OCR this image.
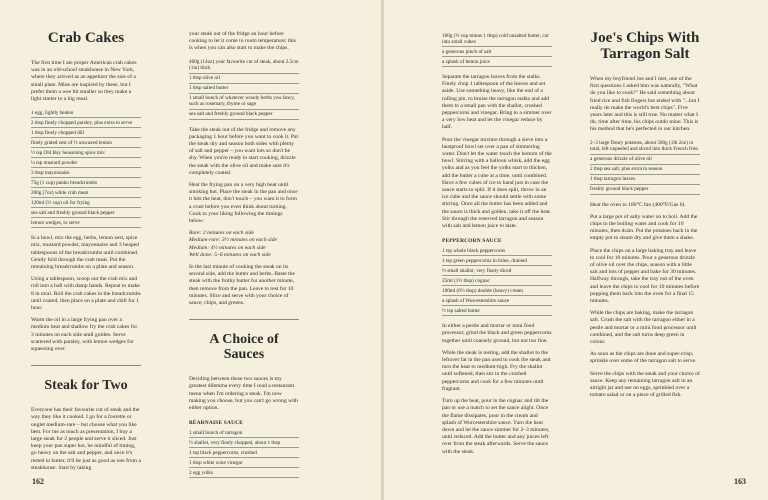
Crab Cakes

The first time I ate proper American crab cakes was in an old-school steakhouse in New York, where they arrived as an appetizer the size of a small plate. Mine are inspired by these, but I prefer them a wee bit smaller so they make a light starter to a big meal.

1 egg, lightly beaten
2 tbsp finely chopped parsley, plus extra to serve
1 tbsp finely chopped dill
finely grated zest of ½ unwaxed lemon
½ tsp Old Bay Seasoning spice mix
¼ tsp mustard powder
3 tbsp mayonnaise
75g (1 cup) panko breadcrumbs
200g (7oz) white crab meat
120ml (½ cup) oil for frying
sea salt and freshly ground black pepper
lemon wedges, to serve

In a bowl, mix the egg, herbs, lemon zest, spice mix, mustard powder, mayonnaise and 3 heaped tablespoons of the breadcrumbs until combined. Gently fold through the crab meat. Put the remaining breadcrumbs on a plate and season.

Using a tablespoon, scoop out the crab mix and roll into a ball with damp hands. Repeat to make 8 in total. Roll the crab cakes in the breadcrumbs until coated, then place on a plate and chill for 1 hour.

Warm the oil in a large frying pan over a medium heat and shallow fry the crab cakes for 3 minutes on each side until golden. Serve scattered with parsley, with lemon wedges for squeezing over.

Steak for Two

Everyone has their favourite cut of steak and the way they like it cooked. I go for a fourette or onglet medium-rare – but choose what you like best. For me as much as presentation, I buy a large steak for 2 people and serve it sliced. Just keep your pan super hot, be mindful of timing, go heavy on the salt and pepper, and once it's rested in butter, it'll be just as good as one from a steakhouse. Start by taking

your steak out of the fridge an hour before cooking to let it come to room temperature; this is when you can also start to make the chips.

400g (14oz) your favourite cut of steak, about 2.5cm (1in) thick
1 tbsp olive oil
1 tbsp salted butter
1 small bunch of whatever woody herbs you fancy, such as rosemary, thyme or sage
sea salt and freshly ground black pepper

Take the steak out of the fridge and remove any packaging 1 hour before you want to cook it. Pat the steak dry and season both sides with plenty of salt and pepper – you want lots so don't be shy. When you're ready to start cooking, drizzle the steak with the olive oil and make sure it's completely coated.

Heat the frying pan on a very high heat until smoking hot. Place the steak in the pan and once it hits the heat, don't touch – you want it to form a crust before you even think about turning. Cook to your liking following the timings below:

Rare: 2 minutes on each side
Medium-rare: 3½ minutes on each side
Medium: 4½ minutes on each side
Well done: 5–6 minutes on each side

In the last minute of cooking the steak on its second side, add the butter and herbs. Baste the steak with the frothy butter for another minute, then remove from the pan. Leave to rest for 10 minutes. Slice and serve with your choice of sauce, chips, and greens.

A Choice of Sauces

Deciding between these two sauces is my greatest dilemma every time I read a restaurant menu when I'm ordering a steak. I'm now making you choose, but you can't go wrong with either option.

BÉARNAISE SAUCE
1 small bunch of tarragon
½ shallot, very finely chopped, about 1 tbsp
1 tsp black peppercorns, crushed
1 tbsp white wine vinegar
2 egg yolks
162
100g (½ cup minus 1 tbsp) cold unsalted butter, cut into small cubes
a generous pinch of salt
a splash of lemon juice

Separate the tarragon leaves from the stalks. Finely chop 1 tablespoon of the leaves and set aside. Use something heavy, like the end of a rolling pin, to bruise the tarragon stalks and add them to a small pan with the shallot, crushed peppercorns and vinegar. Bring to a simmer over a very low heat and let the vinegar reduce by half.

Pour the vinegar mixture through a sieve into a heatproof bowl set over a pan of simmering water. Don't let the water touch the bottom of the bowl. Stirring with a balloon whisk, add the egg yolks and as you feel the yolks start to thicken, add the butter a cube at a time, until combined. Have a few cubes of ice to hand just in case the sauce starts to split. If it does split, throw in an ice cube and the sauce should settle with some stirring. Once all the butter has been added and the sauce is thick and golden, take it off the heat. Stir through the reserved tarragon and season with salt and lemon juice to taste.

PEPPERCORN SAUCE
1 tsp whole black peppercorns
1 tsp green peppercorns in brine, drained
½ small shallot, very finely diced
25ml (1½ tbsp) cognac
100ml (6½ tbsp) double (heavy) cream
a splash of Worcestershire sauce
½ tsp salted butter

In either a pestle and mortar or mini food processor, grind the black and green peppercorns together until coarsely ground, but not too fine.

While the steak is resting, add the shallot to the leftover fat in the pan used to cook the steak and turn the heat to medium-high. Fry the shallot until softened, then stir in the crushed peppercorns and cook for a few minutes until fragrant.

Turn up the heat, pour in the cognac and tilt the pan or use a match to set the sauce alight. Once the flame dissipates, pour in the cream and splash of Worcestershire sauce. Turn the heat down and let the sauce simmer for 2–3 minutes, until reduced. Add the butter and any juices left over from the steak afterwards. Serve the sauce with the steak.

Joe's Chips With Tarragon Salt

When my boyfriend Joe and I met, one of the first questions I asked him was naturally, "What do you like to cook?" He said something about fried rice and fish fingers but ended with "...but I really do make the world's best chips". Five years later and this is still true. No matter what I do, time after time, his chips outdo mine. This is his method that he's perfected in our kitchen.

2–3 large floury potatoes, about 500g (1lb 2oz) in total, left unpeeled and sliced into thick French fries
a generous drizzle of olive oil
2 tbsp sea salt, plus extra to season
1 tbsp tarragon leaves
freshly ground black pepper

Heat the oven to 180°C fan (400°F/Gas 6).

Put a large pot of salty water on to boil. Add the chips to the boiling water and cook for 10 minutes, then drain. Put the potatoes back in the empty pot to steam dry and give them a shake.

Place the chips on a large baking tray and leave to cool for 10 minutes. Pour a generous drizzle of olive oil over the chips, season with a little salt and lots of pepper and bake for 30 minutes. Halfway through, take the tray out of the oven and leave the chips to cool for 10 minutes before popping them back into the oven for a final 15 minutes.

While the chips are baking, make the tarragon salt. Crush the salt with the tarragon either in a pestle and mortar or a mini food processor until combined, and the salt turns deep green in colour.

As soon as the chips are done and super-crisp, sprinkle over some of the tarragon salt to serve.

Serve the chips with the steak and your choice of sauce. Keep any remaining tarragon salt in an airtight jar and use on eggs, sprinkled over a tomato salad or on a piece of grilled fish.

163
